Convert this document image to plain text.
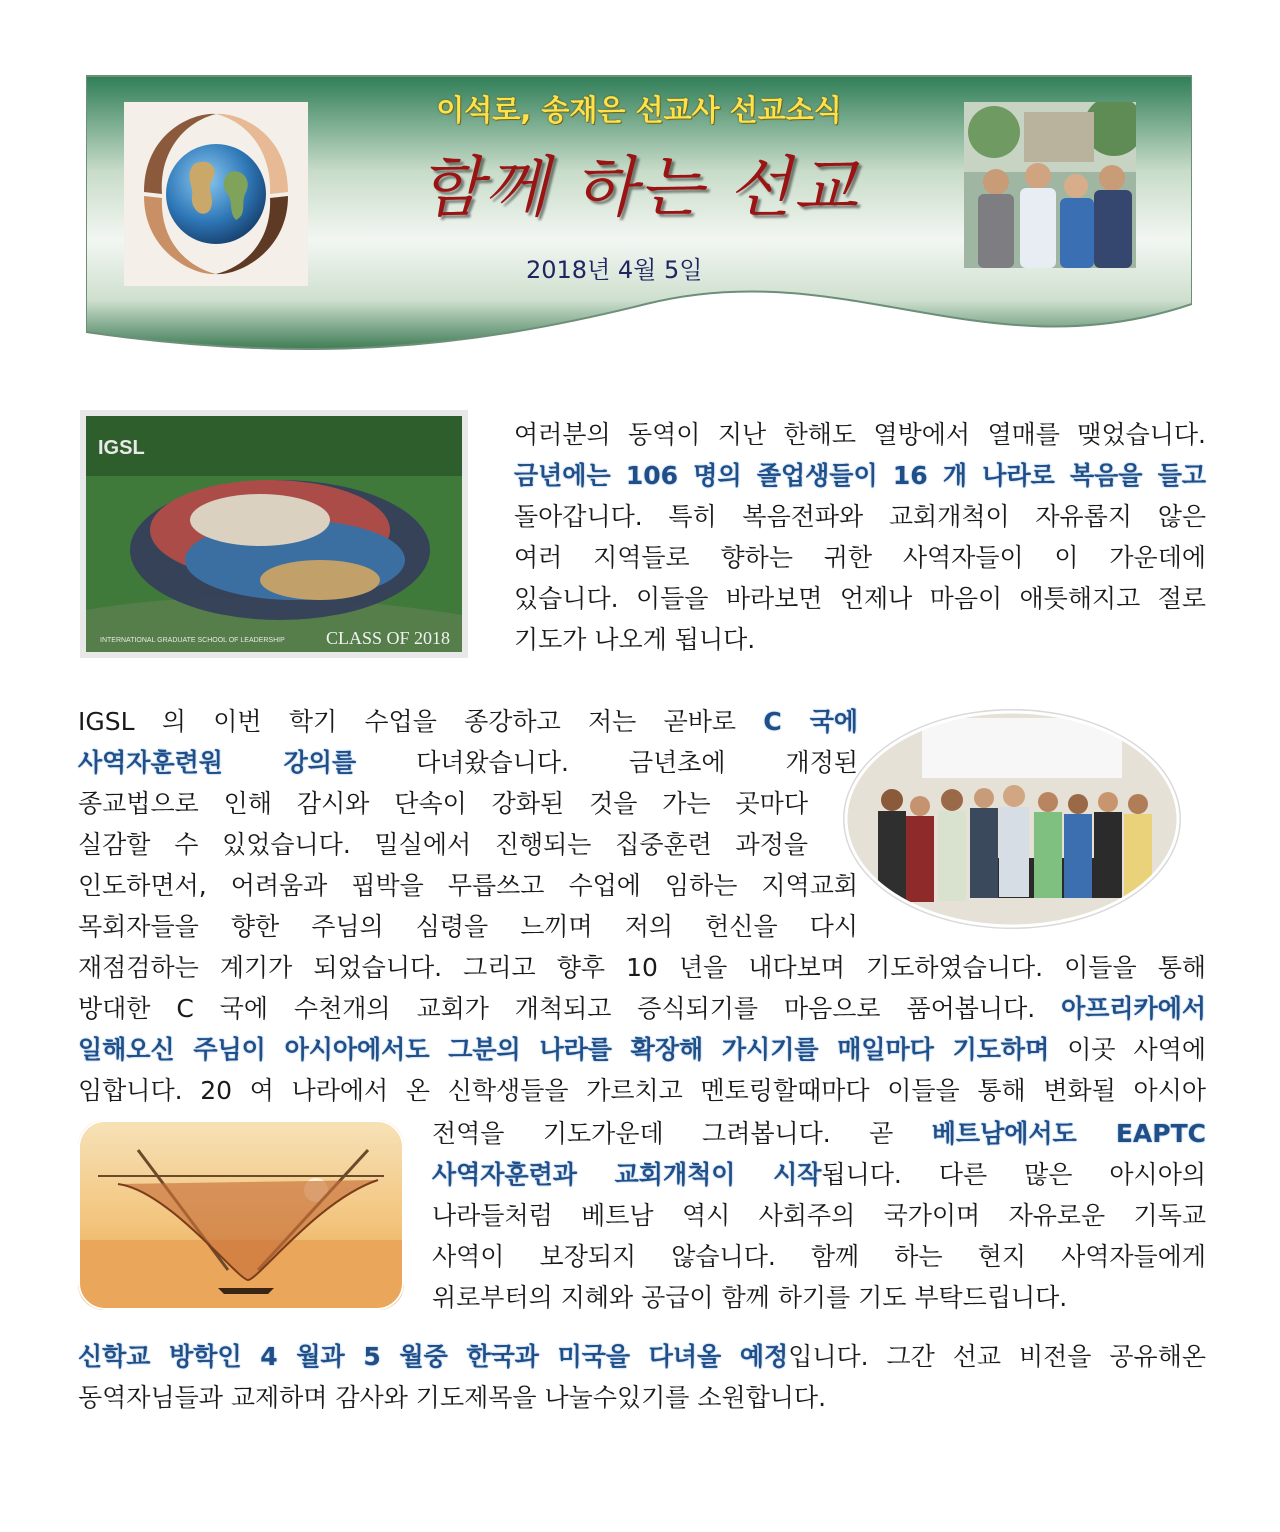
이석로, 송재은 선교사 선교소식
함께 하는 선교
2018년 4월 5일
IGSL
INTERNATIONAL GRADUATE SCHOOL OF LEADERSHIP CLASS OF 2018
여러분의 동역이 지난 한해도 열방에서 열매를 맺었습니다.
금년에는 106 명의 졸업생들이 16 개 나라로 복음을 들고
돌아갑니다. 특히 복음전파와 교회개척이 자유롭지 않은
여러 지역들로 향하는 귀한 사역자들이 이 가운데에
있습니다. 이들을 바라보면 언제나 마음이 애틋해지고 절로
기도가 나오게 됩니다.
IGSL 의 이번 학기 수업을 종강하고 저는 곧바로 C 국에
사역자훈련원 강의를 다녀왔습니다. 금년초에 개정된
종교법으로 인해 감시와 단속이 강화된 것을 가는 곳마다
실감할 수 있었습니다. 밀실에서 진행되는 집중훈련 과정을
인도하면서, 어려움과 핍박을 무릅쓰고 수업에 임하는 지역교회
목회자들을 향한 주님의 심령을 느끼며 저의 헌신을 다시
재점검하는 계기가 되었습니다. 그리고 향후 10 년을 내다보며 기도하였습니다. 이들을 통해
방대한 C 국에 수천개의 교회가 개척되고 증식되기를 마음으로 품어봅니다. 아프리카에서
일해오신 주님이 아시아에서도 그분의 나라를 확장해 가시기를 매일마다 기도하며 이곳 사역에
임합니다. 20 여 나라에서 온 신학생들을 가르치고 멘토링할때마다 이들을 통해 변화될 아시아
전역을 기도가운데 그려봅니다. 곧 베트남에서도 EAPTC
사역자훈련과 교회개척이 시작됩니다. 다른 많은 아시아의
나라들처럼 베트남 역시 사회주의 국가이며 자유로운 기독교
사역이 보장되지 않습니다. 함께 하는 현지 사역자들에게
위로부터의 지혜와 공급이 함께 하기를 기도 부탁드립니다.
신학교 방학인 4 월과 5 월중 한국과 미국을 다녀올 예정입니다. 그간 선교 비전을 공유해온
동역자님들과 교제하며 감사와 기도제목을 나눌수있기를 소원합니다.
